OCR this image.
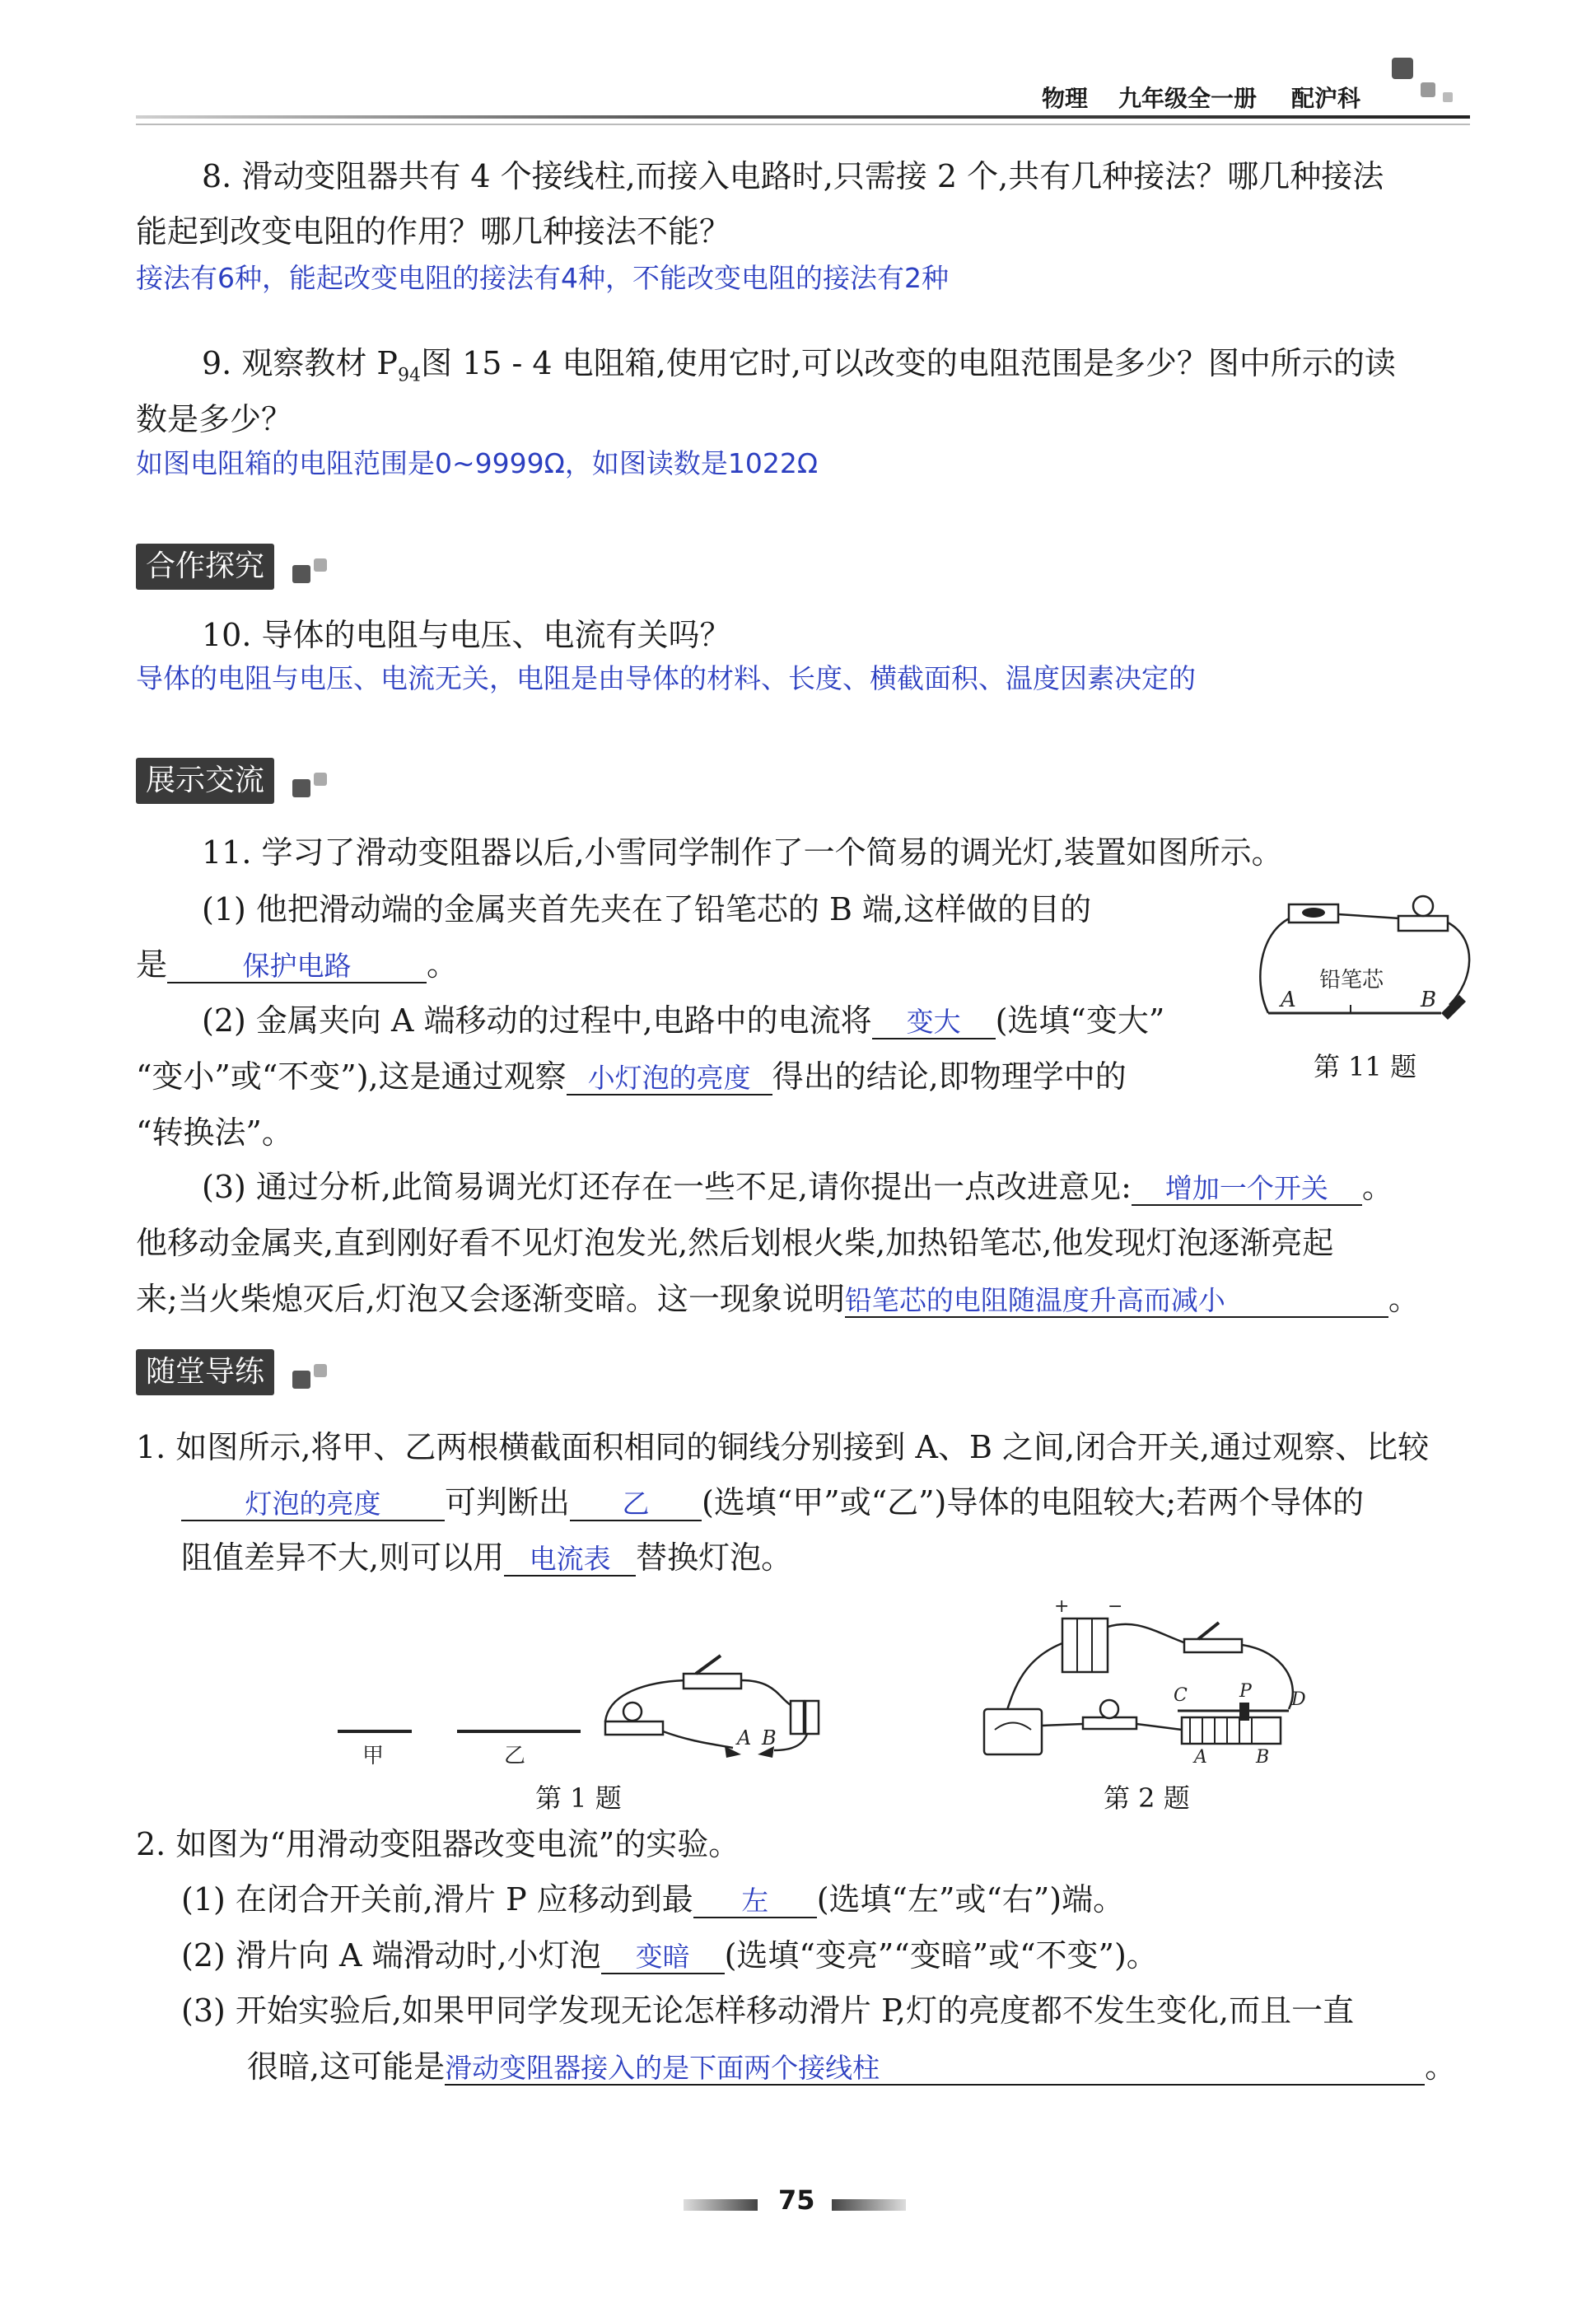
物理 九年级全一册 配沪科
8. 滑动变阻器共有 4 个接线柱,而接入电路时,只需接 2 个,共有几种接法？哪几种接法
能起到改变电阻的作用？哪几种接法不能？
接法有6种，能起改变电阻的接法有4种，不能改变电阻的接法有2种
9. 观察教材 $P_{94}$图 15 - 4 电阻箱,使用它时,可以改变的电阻范围是多少？图中所示的读
数是多少？
如图电阻箱的电阻范围是0~9999Ω，如图读数是1022Ω
合作探究
10. 导体的电阻与电压、电流有关吗？
导体的电阻与电压、电流无关，电阻是由导体的材料、长度、横截面积、温度因素决定的
展示交流
11. 学习了滑动变阻器以后,小雪同学制作了一个简易的调光灯,装置如图所示。
(1) 他把滑动端的金属夹首先夹在了铅笔芯的 B 端,这样做的目的
是	保护电路 。
(2) 金属夹向 A 端移动的过程中,电路中的电流将 变大 (选填“变大”
“变小”或“不变”),这是通过观察 小灯泡的亮度 得出的结论,即物理学中的
“转换法”。
(3) 通过分析,此简易调光灯还存在一些不足,请你提出一点改进意见: 增加一个开关 。
他移动金属夹,直到刚好看不见灯泡发光,然后划根火柴,加热铅笔芯,他发现灯泡逐渐亮起
来;当火柴熄灭后,灯泡又会逐渐变暗。这一现象说明铅笔芯的电阻随温度升高而减小	。
铅笔芯
A	B
第 11 题
随堂导练
1. 如图所示,将甲、乙两根横截面积相同的铜线分别接到 A、B 之间,闭合开关,通过观察、比较
灯泡的亮度 可判断出 乙 (选填“甲”或“乙”)导体的电阻较大;若两个导体的
阻值差异不大,则可以用 电流表 替换灯泡。
甲	乙
A B
第 1 题
+ −
C	P D
A	B
第 2 题
2. 如图为“用滑动变阻器改变电流”的实验。
(1) 在闭合开关前,滑片 P 应移动到最 左 (选填“左”或“右”)端。
(2) 滑片向 A 端滑动时,小灯泡 变暗 (选填“变亮”“变暗”或“不变”)。
(3) 开始实验后,如果甲同学发现无论怎样移动滑片 P,灯的亮度都不发生变化,而且一直
很暗,这可能是滑动变阻器接入的是下面两个接线柱	。
75
